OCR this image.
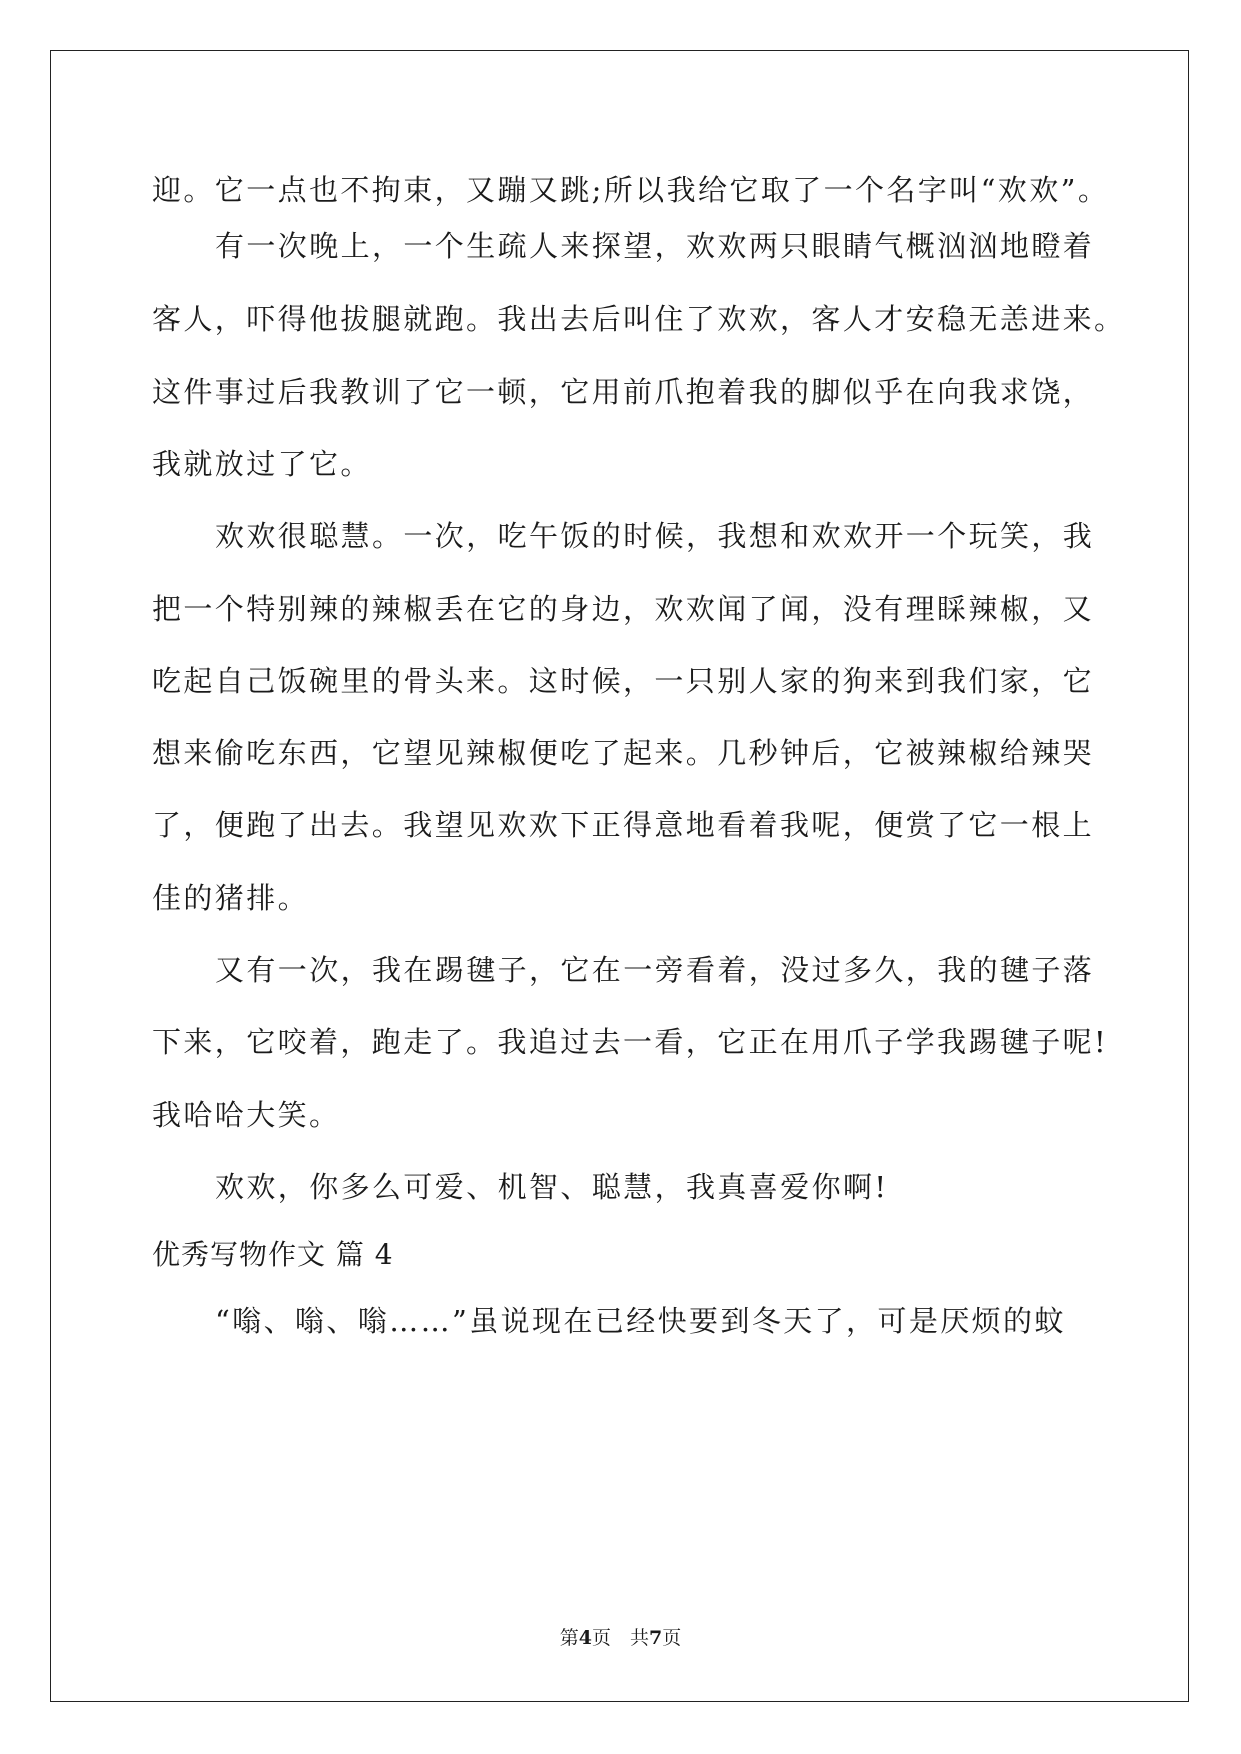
迎。它一点也不拘束，又蹦又跳;所以我给它取了一个名字叫“欢欢”。
有一次晚上，一个生疏人来探望，欢欢两只眼睛气概汹汹地瞪着
客人，吓得他拔腿就跑。我出去后叫住了欢欢，客人才安稳无恙进来。
这件事过后我教训了它一顿，它用前爪抱着我的脚似乎在向我求饶，
我就放过了它。
欢欢很聪慧。一次，吃午饭的时候，我想和欢欢开一个玩笑，我
把一个特别辣的辣椒丢在它的身边，欢欢闻了闻，没有理睬辣椒，又
吃起自己饭碗里的骨头来。这时候，一只别人家的狗来到我们家，它
想来偷吃东西，它望见辣椒便吃了起来。几秒钟后，它被辣椒给辣哭
了，便跑了出去。我望见欢欢下正得意地看着我呢，便赏了它一根上
佳的猪排。
又有一次，我在踢毽子，它在一旁看着，没过多久，我的毽子落
下来，它咬着，跑走了。我追过去一看，它正在用爪子学我踢毽子呢!
我哈哈大笑。
欢欢，你多么可爱、机智、聪慧，我真喜爱你啊!
优秀写物作文 篇 4
“嗡、嗡、嗡……”虽说现在已经快要到冬天了，可是厌烦的蚊
第4页　共7页
